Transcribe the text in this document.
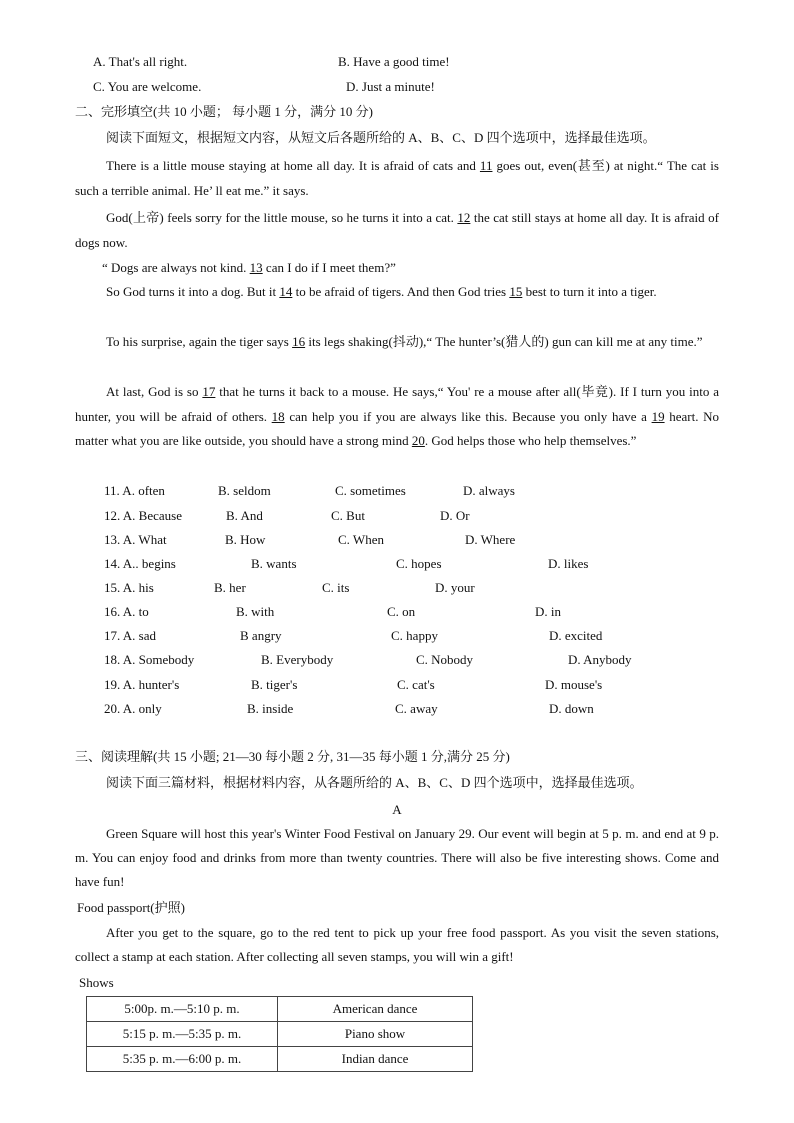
A. That's all right.	B. Have a good time!
C. You are welcome.	D. Just a minute!
二、完形填空(共 10 小题； 每小题 1 分，满分 10 分)
阅读下面短文，根据短文内容，从短文后各题所给的 A、B、C、D 四个选项中，选择最佳选项。
There is a little mouse staying at home all day. It is afraid of cats and 11 goes out, even(甚至) at night.“ The cat is such a terrible animal. He’ ll eat me.” it says.
God(上帝) feels sorry for the little mouse, so he turns it into a cat. 12 the cat still stays at home all day. It is afraid of dogs now.
“ Dogs are always not kind. 13 can I do if I meet them?”
So God turns it into a dog. But it 14 to be afraid of tigers. And then God tries 15 best to turn it into a tiger.
To his surprise, again the tiger says 16 its legs shaking(抖动),“ The hunter’s(猎人的) gun can kill me at any time.”
At last, God is so 17 that he turns it back to a mouse. He says,“ You' re a mouse after all(毕竟). If I turn you into a hunter, you will be afraid of others. 18 can help you if you are always like this. Because you only have a 19 heart. No matter what you are like outside, you should have a strong mind 20. God helps those who help themselves.”
11. A. often	B. seldom	C. sometimes	D. always
12. A. Because	B. And	C. But	D. Or
13. A. What	B. How	C. When	D. Where
14. A.. begins	B. wants	C. hopes	D. likes
15. A. his	B. her	C. its	D. your
16. A. to	B. with	C. on	D. in
17. A. sad	B angry	C. happy	D. excited
18. A. Somebody	B. Everybody	C. Nobody	D. Anybody
19. A. hunter's	B. tiger's	C. cat's	D. mouse's
20. A. only	B. inside	C. away	D. down
三、阅读理解(共 15 小题; 21—30 每小题 2 分, 31—35 每小题 1 分,满分 25 分)
阅读下面三篇材料，根据材料内容，从各题所给的 A、B、C、D 四个选项中，选择最佳选项。
A
Green Square will host this year's Winter Food Festival on January 29. Our event will begin at 5 p. m. and end at 9 p. m. You can enjoy food and drinks from more than twenty countries. There will also be five interesting shows. Come and have fun!
Food passport(护照)
After you get to the square, go to the red tent to pick up your free food passport. As you visit the seven stations, collect a stamp at each station. After collecting all seven stamps, you will win a gift!
Shows
5:00p. m.—5:10 p. m.	American dance
5:15 p. m.—5:35 p. m.	Piano show
5:35 p. m.—6:00 p. m.	Indian dance
